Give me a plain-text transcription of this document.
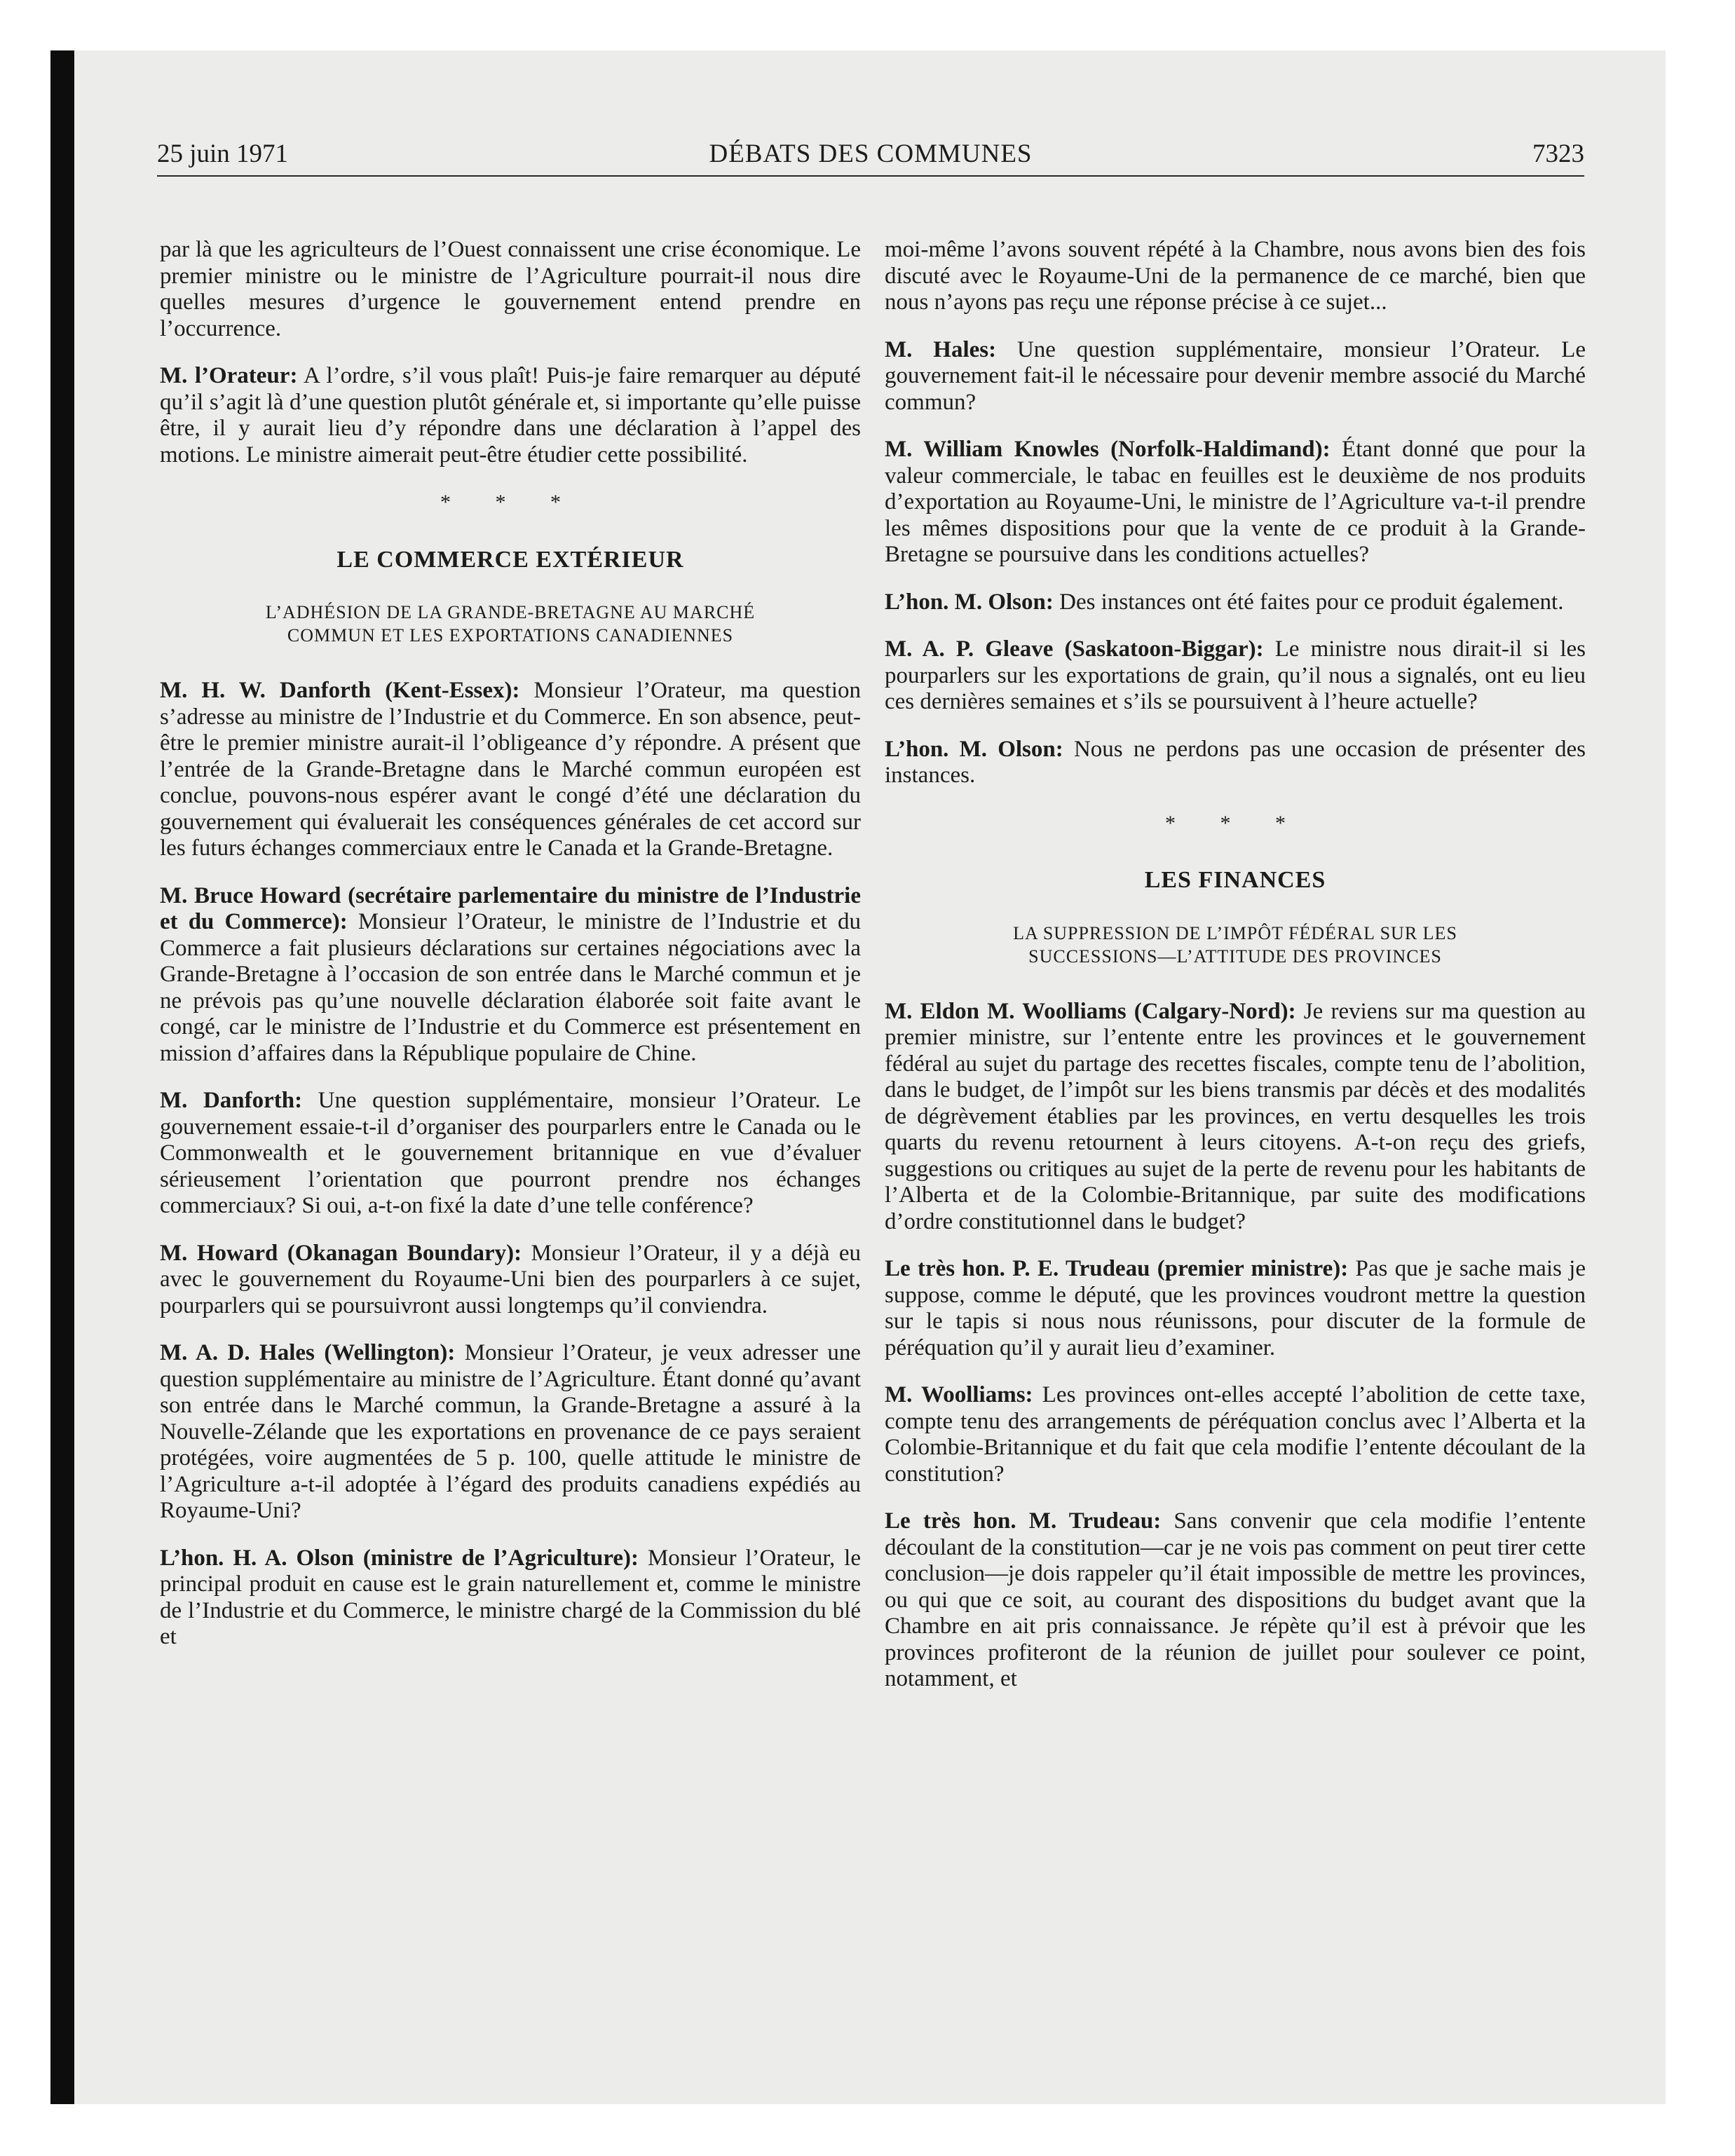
25 juin 1971	DÉBATS DES COMMUNES	7323

par là que les agriculteurs de l’Ouest connaissent une crise économique. Le premier ministre ou le ministre de l’Agriculture pourrait-il nous dire quelles mesures d’urgence le gouvernement entend prendre en l’occurrence.

M. l’Orateur: A l’ordre, s’il vous plaît! Puis-je faire remarquer au député qu’il s’agit là d’une question plutôt générale et, si importante qu’elle puisse être, il y aurait lieu d’y répondre dans une déclaration à l’appel des motions. Le ministre aimerait peut-être étudier cette possibilité.

* * *
LE COMMERCE EXTÉRIEUR
L’ADHÉSION DE LA GRANDE-BRETAGNE AU MARCHÉ
COMMUN ET LES EXPORTATIONS CANADIENNES

M. H. W. Danforth (Kent-Essex): Monsieur l’Orateur, ma question s’adresse au ministre de l’Industrie et du Commerce. En son absence, peut-être le premier ministre aurait-il l’obligeance d’y répondre. A présent que l’entrée de la Grande-Bretagne dans le Marché commun européen est conclue, pouvons-nous espérer avant le congé d’été une déclaration du gouvernement qui évaluerait les conséquences générales de cet accord sur les futurs échanges commerciaux entre le Canada et la Grande-Bretagne.

M. Bruce Howard (secrétaire parlementaire du ministre de l’Industrie et du Commerce): Monsieur l’Orateur, le ministre de l’Industrie et du Commerce a fait plusieurs déclarations sur certaines négociations avec la Grande-Bretagne à l’occasion de son entrée dans le Marché commun et je ne prévois pas qu’une nouvelle déclaration élaborée soit faite avant le congé, car le ministre de l’Industrie et du Commerce est présentement en mission d’affaires dans la République populaire de Chine.

M. Danforth: Une question supplémentaire, monsieur l’Orateur. Le gouvernement essaie-t-il d’organiser des pourparlers entre le Canada ou le Commonwealth et le gouvernement britannique en vue d’évaluer sérieusement l’orientation que pourront prendre nos échanges commerciaux? Si oui, a-t-on fixé la date d’une telle conférence?

M. Howard (Okanagan Boundary): Monsieur l’Orateur, il y a déjà eu avec le gouvernement du Royaume-Uni bien des pourparlers à ce sujet, pourparlers qui se poursuivront aussi longtemps qu’il conviendra.

M. A. D. Hales (Wellington): Monsieur l’Orateur, je veux adresser une question supplémentaire au ministre de l’Agriculture. Étant donné qu’avant son entrée dans le Marché commun, la Grande-Bretagne a assuré à la Nouvelle-Zélande que les exportations en provenance de ce pays seraient protégées, voire augmentées de 5 p. 100, quelle attitude le ministre de l’Agriculture a-t-il adoptée à l’égard des produits canadiens expédiés au Royaume-Uni?

L’hon. H. A. Olson (ministre de l’Agriculture): Monsieur l’Orateur, le principal produit en cause est le grain naturellement et, comme le ministre de l’Industrie et du Commerce, le ministre chargé de la Commission du blé et

moi-même l’avons souvent répété à la Chambre, nous avons bien des fois discuté avec le Royaume-Uni de la permanence de ce marché, bien que nous n’ayons pas reçu une réponse précise à ce sujet...

M. Hales: Une question supplémentaire, monsieur l’Orateur. Le gouvernement fait-il le nécessaire pour devenir membre associé du Marché commun?

M. William Knowles (Norfolk-Haldimand): Étant donné que pour la valeur commerciale, le tabac en feuilles est le deuxième de nos produits d’exportation au Royaume-Uni, le ministre de l’Agriculture va-t-il prendre les mêmes dispositions pour que la vente de ce produit à la Grande-Bretagne se poursuive dans les conditions actuelles?

L’hon. M. Olson: Des instances ont été faites pour ce produit également.

M. A. P. Gleave (Saskatoon-Biggar): Le ministre nous dirait-il si les pourparlers sur les exportations de grain, qu’il nous a signalés, ont eu lieu ces dernières semaines et s’ils se poursuivent à l’heure actuelle?

L’hon. M. Olson: Nous ne perdons pas une occasion de présenter des instances.

* * *
LES FINANCES
LA SUPPRESSION DE L’IMPÔT FÉDÉRAL SUR LES
SUCCESSIONS—L’ATTITUDE DES PROVINCES

M. Eldon M. Woolliams (Calgary-Nord): Je reviens sur ma question au premier ministre, sur l’entente entre les provinces et le gouvernement fédéral au sujet du partage des recettes fiscales, compte tenu de l’abolition, dans le budget, de l’impôt sur les biens transmis par décès et des modalités de dégrèvement établies par les provinces, en vertu desquelles les trois quarts du revenu retournent à leurs citoyens. A-t-on reçu des griefs, suggestions ou critiques au sujet de la perte de revenu pour les habitants de l’Alberta et de la Colombie-Britannique, par suite des modifications d’ordre constitutionnel dans le budget?

Le très hon. P. E. Trudeau (premier ministre): Pas que je sache mais je suppose, comme le député, que les provinces voudront mettre la question sur le tapis si nous nous réunissons, pour discuter de la formule de péréquation qu’il y aurait lieu d’examiner.

M. Woolliams: Les provinces ont-elles accepté l’abolition de cette taxe, compte tenu des arrangements de péréquation conclus avec l’Alberta et la Colombie-Britannique et du fait que cela modifie l’entente découlant de la constitution?

Le très hon. M. Trudeau: Sans convenir que cela modifie l’entente découlant de la constitution—car je ne vois pas comment on peut tirer cette conclusion—je dois rappeler qu’il était impossible de mettre les provinces, ou qui que ce soit, au courant des dispositions du budget avant que la Chambre en ait pris connaissance. Je répète qu’il est à prévoir que les provinces profiteront de la réunion de juillet pour soulever ce point, notamment, et
